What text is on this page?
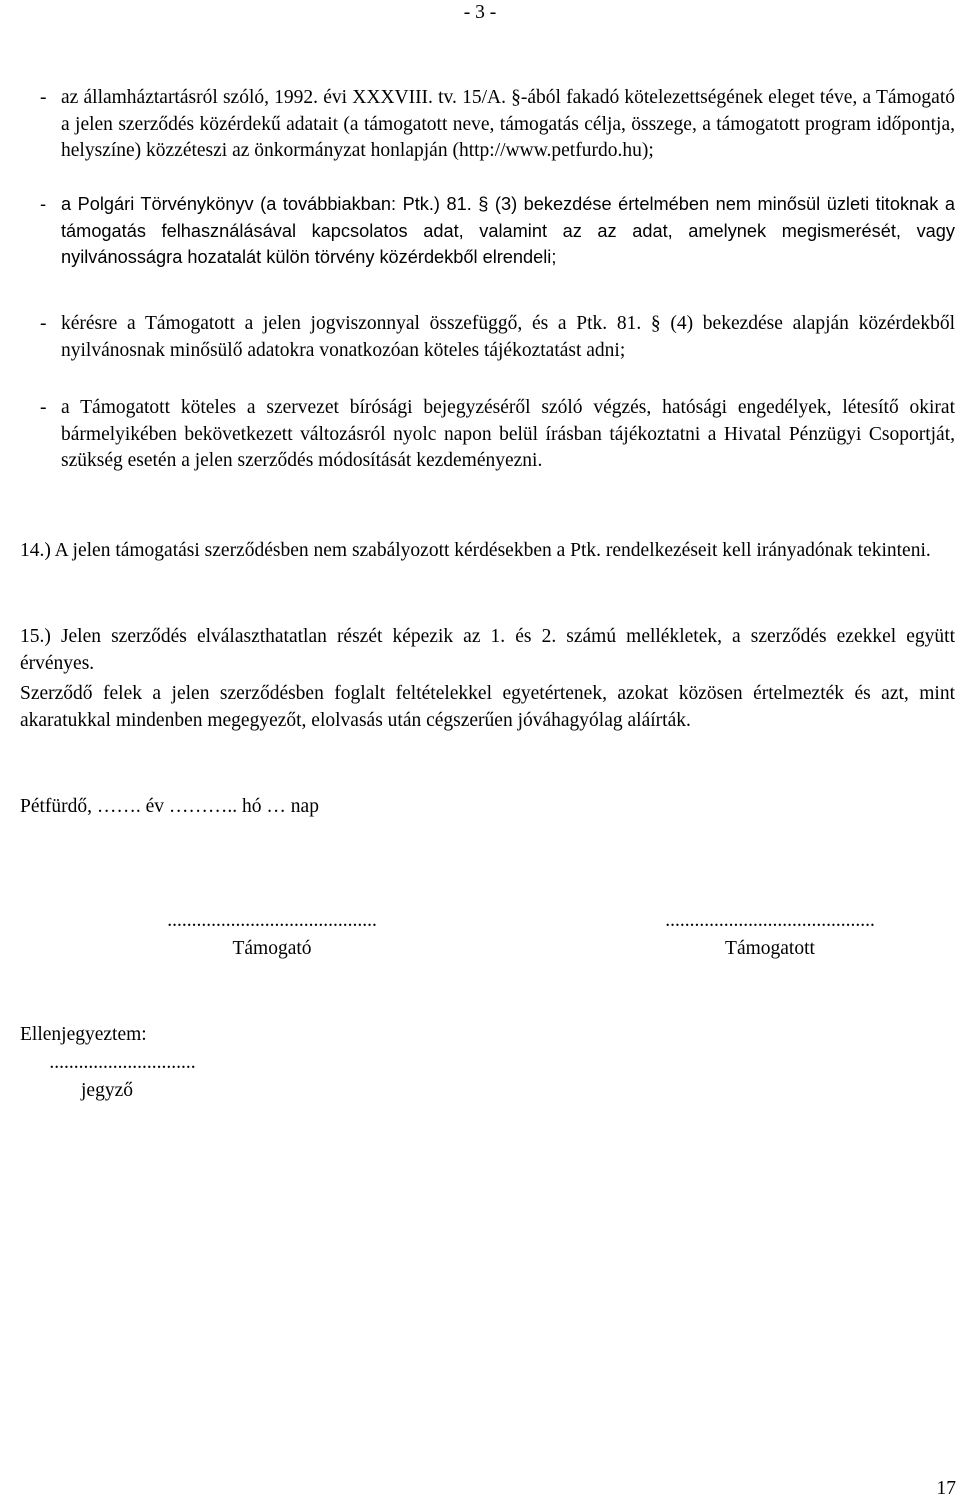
- 3 -
- az államháztartásról szóló, 1992. évi XXXVIII. tv. 15/A. §-ából fakadó kötelezettségének eleget téve, a Támogató a jelen szerződés közérdekű adatait (a támogatott neve, támogatás célja, összege, a támogatott program időpontja, helyszíne) közzéteszi az önkormányzat honlapján (http://www.petfurdo.hu);
- a Polgári Törvénykönyv (a továbbiakban: Ptk.) 81. § (3) bekezdése értelmében nem minősül üzleti titoknak a támogatás felhasználásával kapcsolatos adat, valamint az az adat, amelynek megismerését, vagy nyilvánosságra hozatalát külön törvény közérdekből elrendeli;
- kérésre a Támogatott a jelen jogviszonnyal összefüggő, és a Ptk. 81. § (4) bekezdése alapján közérdekből nyilvánosnak minősülő adatokra vonatkozóan köteles tájékoztatást adni;
- a Támogatott köteles a szervezet bírósági bejegyzéséről szóló végzés, hatósági engedélyek, létesítő okirat bármelyikében bekövetkezett változásról nyolc napon belül írásban tájékoztatni a Hivatal Pénzügyi Csoportját, szükség esetén a jelen szerződés módosítását kezdeményezni.
14.) A jelen támogatási szerződésben nem szabályozott kérdésekben a Ptk. rendelkezéseit kell irányadónak tekinteni.
15.) Jelen szerződés elválaszthatatlan részét képezik az 1. és 2. számú mellékletek, a szerződés ezekkel együtt érvényes.
Szerződő felek a jelen szerződésben foglalt feltételekkel egyetértenek, azokat közösen értelmezték és azt, mint akaratukkal mindenben megegyezőt, elolvasás után cégszerűen jóváhagyólag aláírták.
Pétfürdő, ……. év ……….. hó … nap
...........................................
Támogató
...........................................
Támogatott
Ellenjegyeztem:
..............................
jegyző
17
